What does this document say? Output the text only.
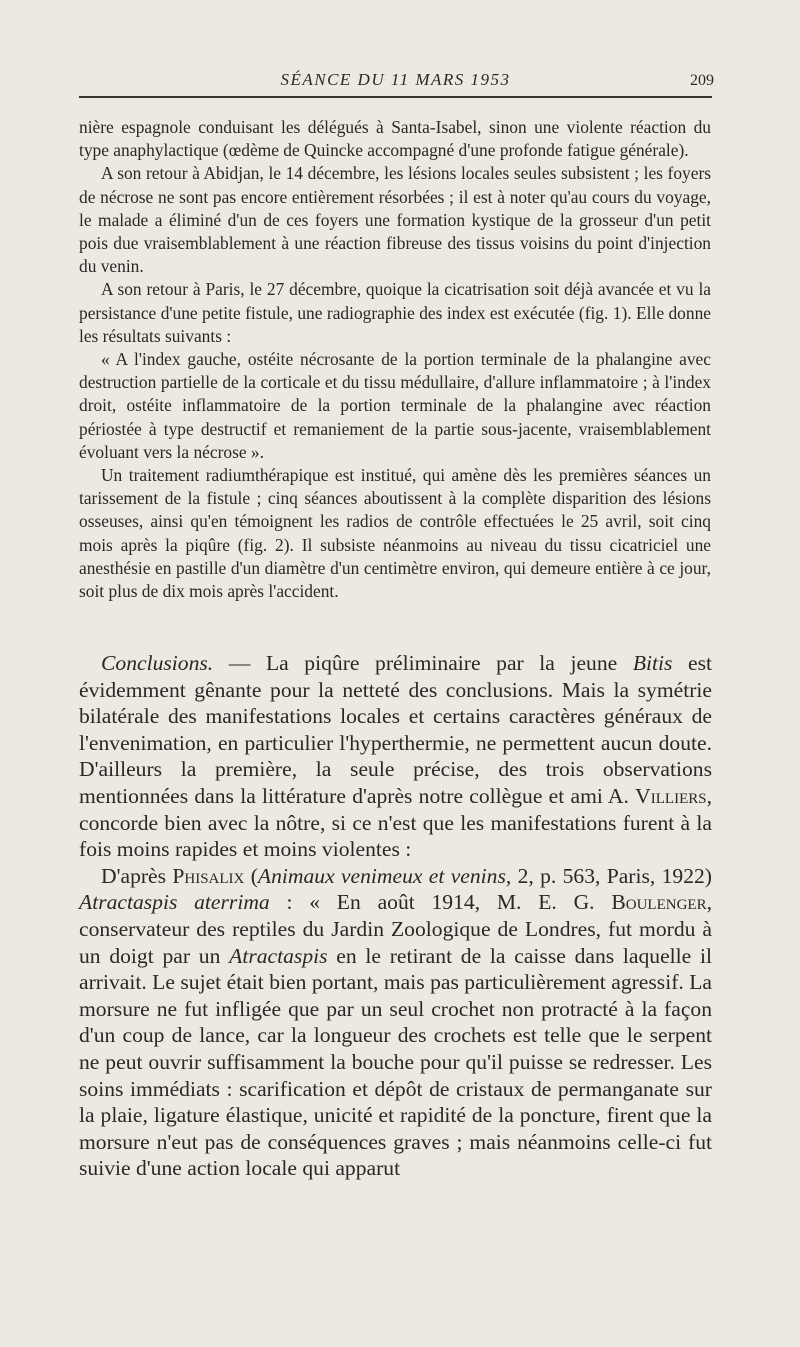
SÉANCE DU 11 MARS 1953	209

nière espagnole conduisant les délégués à Santa-Isabel, sinon une violente réaction du type anaphylactique (œdème de Quincke accompagné d'une profonde fatigue générale).

A son retour à Abidjan, le 14 décembre, les lésions locales seules subsistent ; les foyers de nécrose ne sont pas encore entièrement résorbées ; il est à noter qu'au cours du voyage, le malade a éliminé d'un de ces foyers une formation kystique de la grosseur d'un petit pois due vraisemblablement à une réaction fibreuse des tissus voisins du point d'injection du venin.

A son retour à Paris, le 27 décembre, quoique la cicatrisation soit déjà avancée et vu la persistance d'une petite fistule, une radiographie des index est exécutée (fig. 1). Elle donne les résultats suivants :

« A l'index gauche, ostéite nécrosante de la portion terminale de la phalangine avec destruction partielle de la corticale et du tissu médullaire, d'allure inflammatoire ; à l'index droit, ostéite inflammatoire de la portion terminale de la phalangine avec réaction périostée à type destructif et remaniement de la partie sous-jacente, vraisemblablement évoluant vers la nécrose ».

Un traitement radiumthérapique est institué, qui amène dès les premières séances un tarissement de la fistule ; cinq séances aboutissent à la complète disparition des lésions osseuses, ainsi qu'en témoignent les radios de contrôle effectuées le 25 avril, soit cinq mois après la piqûre (fig. 2). Il subsiste néanmoins au niveau du tissu cicatriciel une anesthésie en pastille d'un diamètre d'un centimètre environ, qui demeure entière à ce jour, soit plus de dix mois après l'accident.

Conclusions. — La piqûre préliminaire par la jeune Bitis est évidemment gênante pour la netteté des conclusions. Mais la symétrie bilatérale des manifestations locales et certains caractères généraux de l'envenimation, en particulier l'hyperthermie, ne permettent aucun doute. D'ailleurs la première, la seule précise, des trois observations mentionnées dans la littérature d'après notre collègue et ami A. Villiers, concorde bien avec la nôtre, si ce n'est que les manifestations furent à la fois moins rapides et moins violentes :

D'après Phisalix (Animaux venimeux et venins, 2, p. 563, Paris, 1922) Atractaspis aterrima : « En août 1914, M. E. G. Boulenger, conservateur des reptiles du Jardin Zoologique de Londres, fut mordu à un doigt par un Atractaspis en le retirant de la caisse dans laquelle il arrivait. Le sujet était bien portant, mais pas particulièrement agressif. La morsure ne fut infligée que par un seul crochet non protracté à la façon d'un coup de lance, car la longueur des crochets est telle que le serpent ne peut ouvrir suffisamment la bouche pour qu'il puisse se redresser. Les soins immédiats : scarification et dépôt de cristaux de permanganate sur la plaie, ligature élastique, unicité et rapidité de la poncture, firent que la morsure n'eut pas de conséquences graves ; mais néanmoins celle-ci fut suivie d'une action locale qui apparut
